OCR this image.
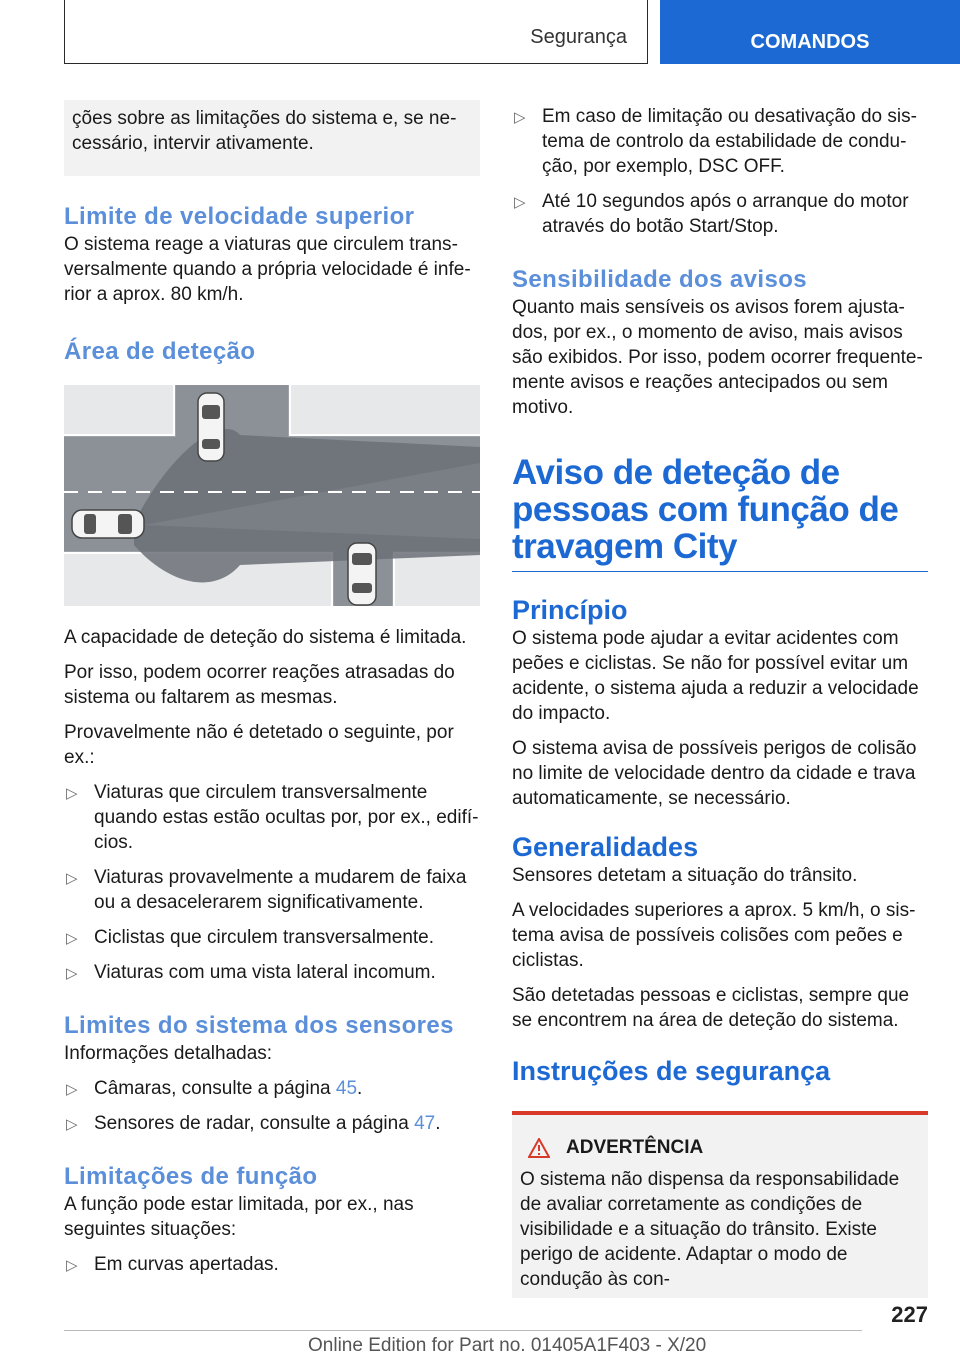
Segurança	COMANDOS

ções sobre as limitações do sistema e, se necessário, intervir ativamente.

Limite de velocidade superior

O sistema reage a viaturas que circulem transversalmente quando a própria velocidade é inferior a aprox. 80 km/h.

Área de deteção

A capacidade de deteção do sistema é limitada.

Por isso, podem ocorrer reações atrasadas do sistema ou faltarem as mesmas.

Provavelmente não é detetado o seguinte, por ex.:

▷ Viaturas que circulem transversalmente quando estas estão ocultas por, por ex., edifícios.
▷ Viaturas provavelmente a mudarem de faixa ou a desacelerarem significativamente.
▷ Ciclistas que circulem transversalmente.
▷ Viaturas com uma vista lateral incomum.
Limites do sistema dos sensores

Informações detalhadas:

▷ Câmaras, consulte a página 45.
▷ Sensores de radar, consulte a página 47.
Limitações de função

A função pode estar limitada, por ex., nas seguintes situações:

▷ Em curvas apertadas.
▷ Em caso de limitação ou desativação do sistema de controlo da estabilidade de condução, por exemplo, DSC OFF.
▷ Até 10 segundos após o arranque do motor através do botão Start/Stop.
Sensibilidade dos avisos

Quanto mais sensíveis os avisos forem ajustados, por ex., o momento de aviso, mais avisos são exibidos. Por isso, podem ocorrer frequentemente avisos e reações antecipados ou sem motivo.

Aviso de deteção de pessoas com função de travagem City
Princípio

O sistema pode ajudar a evitar acidentes com peões e ciclistas. Se não for possível evitar um acidente, o sistema ajuda a reduzir a velocidade do impacto.

O sistema avisa de possíveis perigos de colisão no limite de velocidade dentro da cidade e trava automaticamente, se necessário.

Generalidades

Sensores detetam a situação do trânsito.

A velocidades superiores a aprox. 5 km/h, o sistema avisa de possíveis colisões com peões e ciclistas.

São detetadas pessoas e ciclistas, sempre que se encontrem na área de deteção do sistema.

Instruções de segurança
ADVERTÊNCIA

O sistema não dispensa da responsabilidade de avaliar corretamente as condições de visibilidade e a situação do trânsito. Existe perigo de acidente. Adaptar o modo de condução às con-

227
Online Edition for Part no. 01405A1F403 - X/20
